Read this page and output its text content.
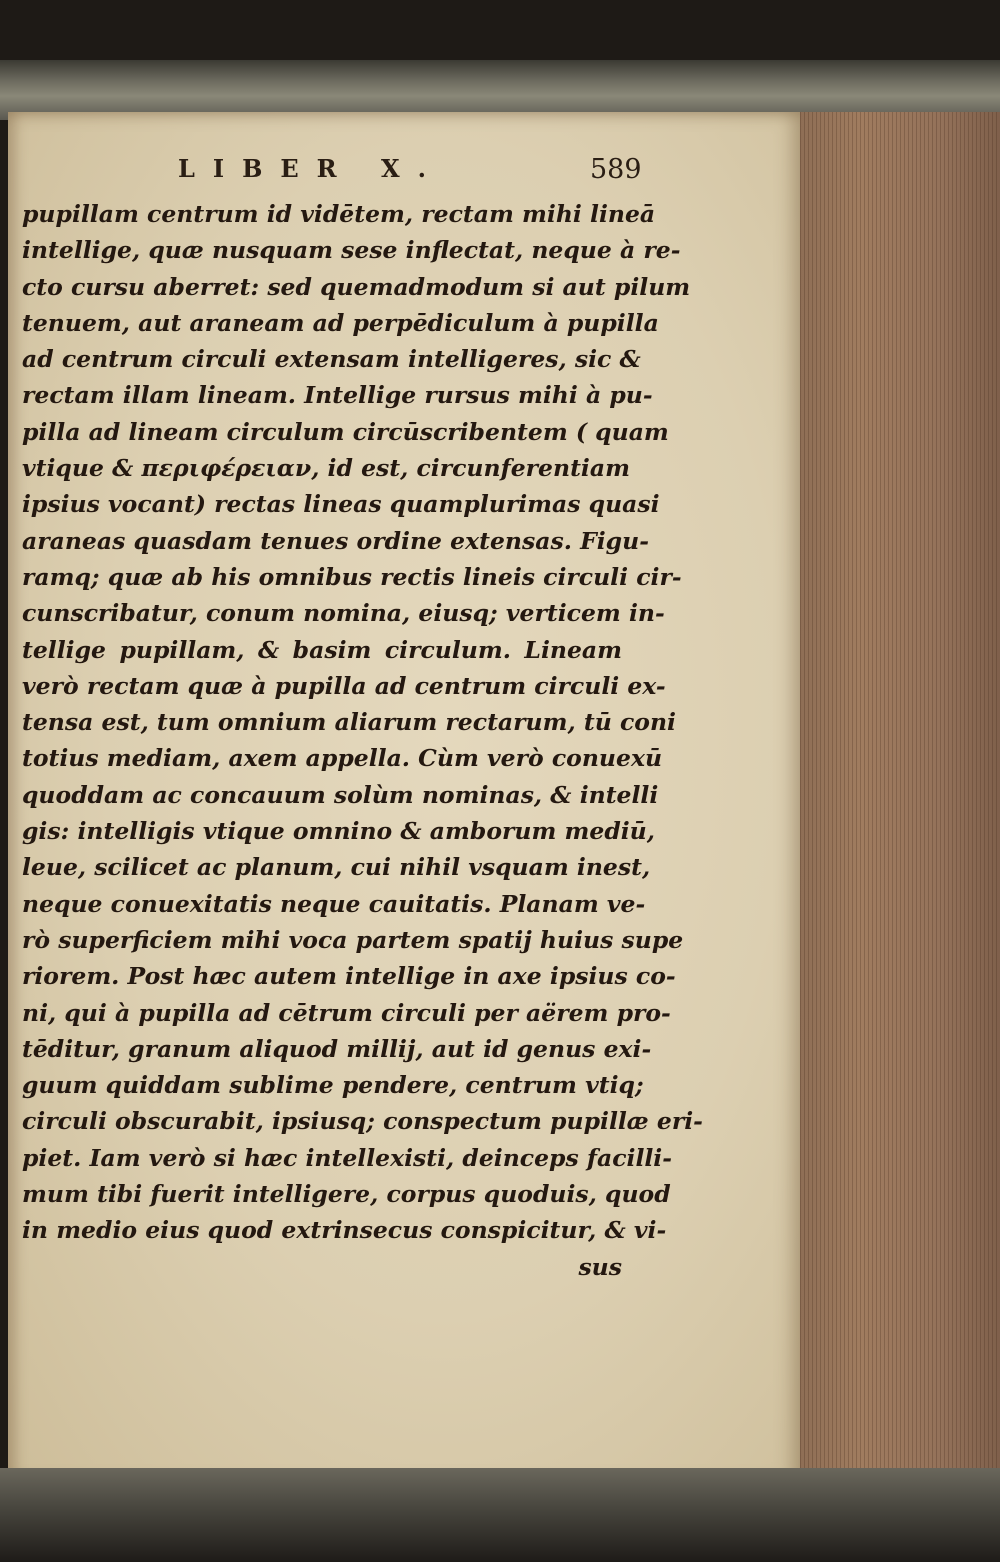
LIBER X.	589
pupillam centrum id vidētem, rectam mihi lineā
intellige, quæ nusquam sese inflectat, neque à re-
cto cursu aberret: sed quemadmodum si aut pilum
tenuem, aut araneam ad perpēdiculum à pupilla
ad centrum circuli extensam intelligeres, sic &
rectam illam lineam. Intellige rursus mihi à pu-
pilla ad lineam circulum circūscribentem ( quam
vtique & περιφέρειαν, id est, circunferentiam
ipsius vocant) rectas lineas quamplurimas quasi
araneas quasdam tenues ordine extensas. Figu-
ramq; quæ ab his omnibus rectis lineis circuli cir-
cunscribatur, conum nomina, eiusq; verticem in-
tellige pupillam, & basim circulum. Lineam
verò rectam quæ à pupilla ad centrum circuli ex-
tensa est, tum omnium aliarum rectarum, tū coni
totius mediam, axem appella. Cùm verò conuexū
quoddam ac concauum solùm nominas, & intelli
gis: intelligis vtique omnino & amborum mediū,
leue, scilicet ac planum, cui nihil vsquam inest,
neque conuexitatis neque cauitatis. Planam ve-
rò superficiem mihi voca partem spatij huius supe
riorem. Post hæc autem intellige in axe ipsius co-
ni, qui à pupilla ad cētrum circuli per aërem pro-
tēditur, granum aliquod millij, aut id genus exi-
guum quiddam sublime pendere, centrum vtiq;
circuli obscurabit, ipsiusq; conspectum pupillæ eri-
piet. Iam verò si hæc intellexisti, deinceps facilli-
mum tibi fuerit intelligere, corpus quoduis, quod
in medio eius quod extrinsecus conspicitur, & vi-
sus
